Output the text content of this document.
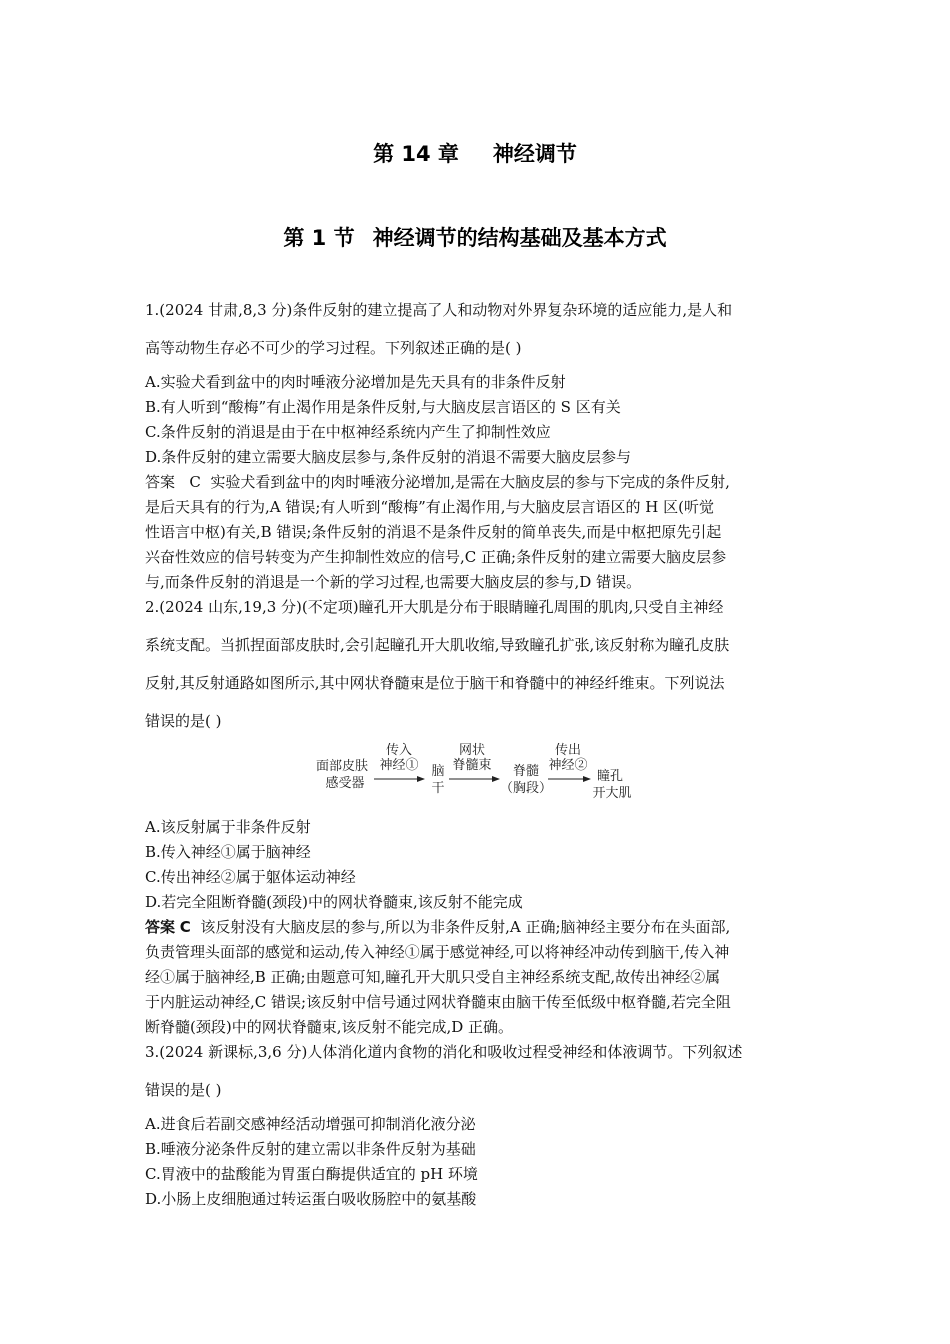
第 14 章 神经调节
第 1 节 神经调节的结构基础及基本方式
1.(2024 甘肃,8,3 分)条件反射的建立提高了人和动物对外界复杂环境的适应能力,是人和
高等动物生存必不可少的学习过程。下列叙述正确的是( )
A.实验犬看到盆中的肉时唾液分泌增加是先天具有的非条件反射
B.有人听到“酸梅”有止渴作用是条件反射,与大脑皮层言语区的 S 区有关
C.条件反射的消退是由于在中枢神经系统内产生了抑制性效应
D.条件反射的建立需要大脑皮层参与,条件反射的消退不需要大脑皮层参与
答案 C 实验犬看到盆中的肉时唾液分泌增加,是需在大脑皮层的参与下完成的条件反射,
是后天具有的行为,A 错误;有人听到“酸梅”有止渴作用,与大脑皮层言语区的 H 区(听觉
性语言中枢)有关,B 错误;条件反射的消退不是条件反射的简单丧失,而是中枢把原先引起
兴奋性效应的信号转变为产生抑制性效应的信号,C 正确;条件反射的建立需要大脑皮层参
与,而条件反射的消退是一个新的学习过程,也需要大脑皮层的参与,D 错误。
2.(2024 山东,19,3 分)(不定项)瞳孔开大肌是分布于眼睛瞳孔周围的肌肉,只受自主神经
系统支配。当抓捏面部皮肤时,会引起瞳孔开大肌收缩,导致瞳孔扩张,该反射称为瞳孔皮肤
反射,其反射通路如图所示,其中网状脊髓束是位于脑干和脊髓中的神经纤维束。下列说法
错误的是( )
面部皮肤
感受器
传入
神经① 脑
干
网状
脊髓束 脊髓
（胸段）
传出
神经②
瞳孔
开大肌
A.该反射属于非条件反射
B.传入神经①属于脑神经
C.传出神经②属于躯体运动神经
D.若完全阻断脊髓(颈段)中的网状脊髓束,该反射不能完成
答案 C 该反射没有大脑皮层的参与,所以为非条件反射,A 正确;脑神经主要分布在头面部,
负责管理头面部的感觉和运动,传入神经①属于感觉神经,可以将神经冲动传到脑干,传入神
经①属于脑神经,B 正确;由题意可知,瞳孔开大肌只受自主神经系统支配,故传出神经②属
于内脏运动神经,C 错误;该反射中信号通过网状脊髓束由脑干传至低级中枢脊髓,若完全阻
断脊髓(颈段)中的网状脊髓束,该反射不能完成,D 正确。
3.(2024 新课标,3,6 分)人体消化道内食物的消化和吸收过程受神经和体液调节。下列叙述
错误的是( )
A.进食后若副交感神经活动增强可抑制消化液分泌
B.唾液分泌条件反射的建立需以非条件反射为基础
C.胃液中的盐酸能为胃蛋白酶提供适宜的 pH 环境
D.小肠上皮细胞通过转运蛋白吸收肠腔中的氨基酸
